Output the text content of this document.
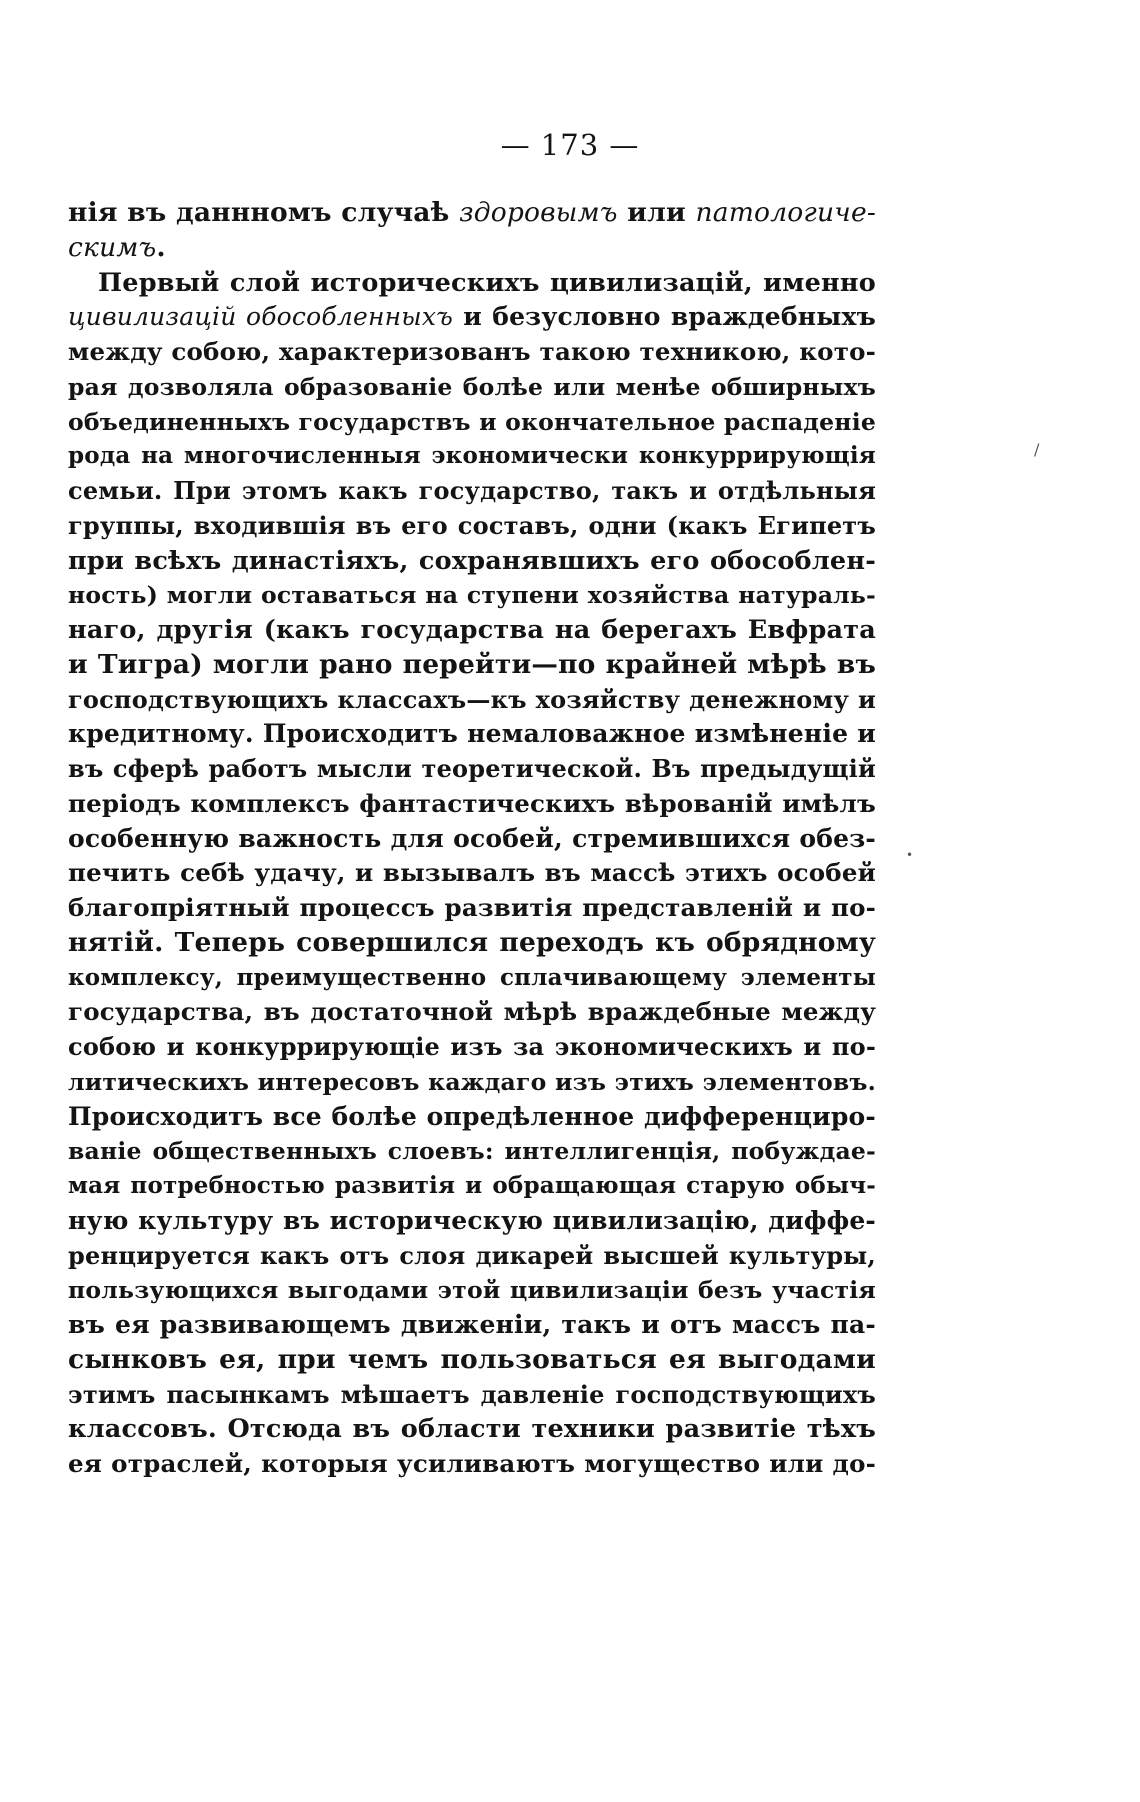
— 173 —
нія въ даннномъ случаѣ здоровымъ или патологиче-
скимъ.
Первый слой историческихъ цивилизацій, именно
цивилизацій обособленныхъ и безусловно враждебныхъ
между собою, характеризованъ такою техникою, кото-
рая дозволяла образованіе болѣе или менѣе обширныхъ
объединенныхъ государствъ и окончательное распаденіе
рода на многочисленныя экономически конкуррирующія
семьи. При этомъ какъ государство, такъ и отдѣльныя
группы, входившія въ его составъ, одни (какъ Египетъ
при всѣхъ династіяхъ, сохранявшихъ его обособлен-
ность) могли оставаться на ступени хозяйства натураль-
наго, другія (какъ государства на берегахъ Евфрата
и Тигра) могли рано перейти—по крайней мѣрѣ въ
господствующихъ классахъ—къ хозяйству денежному и
кредитному. Происходитъ немаловажное измѣненіе и
въ сферѣ работъ мысли теоретической. Въ предыдущій
періодъ комплексъ фантастическихъ вѣрованій имѣлъ
особенную важность для особей, стремившихся обез-
печить себѣ удачу, и вызывалъ въ массѣ этихъ особей
благопріятный процессъ развитія представленій и по-
нятій. Теперь совершился переходъ къ обрядному
комплексу, преимущественно сплачивающему элементы
государства, въ достаточной мѣрѣ враждебные между
собою и конкуррирующіе изъ за экономическихъ и по-
литическихъ интересовъ каждаго изъ этихъ элементовъ.
Происходитъ все болѣе опредѣленное дифференциро-
ваніе общественныхъ слоевъ: интеллигенція, побуждае-
мая потребностью развитія и обращающая старую обыч-
ную культуру въ историческую цивилизацію, диффе-
ренцируется какъ отъ слоя дикарей высшей культуры,
пользующихся выгодами этой цивилизаціи безъ участія
въ ея развивающемъ движеніи, такъ и отъ массъ па-
сынковъ ея, при чемъ пользоваться ея выгодами
этимъ пасынкамъ мѣшаетъ давленіе господствующихъ
классовъ. Отсюда въ области техники развитіе тѣхъ
ея отраслей, которыя усиливаютъ могущество или до-
/
•
